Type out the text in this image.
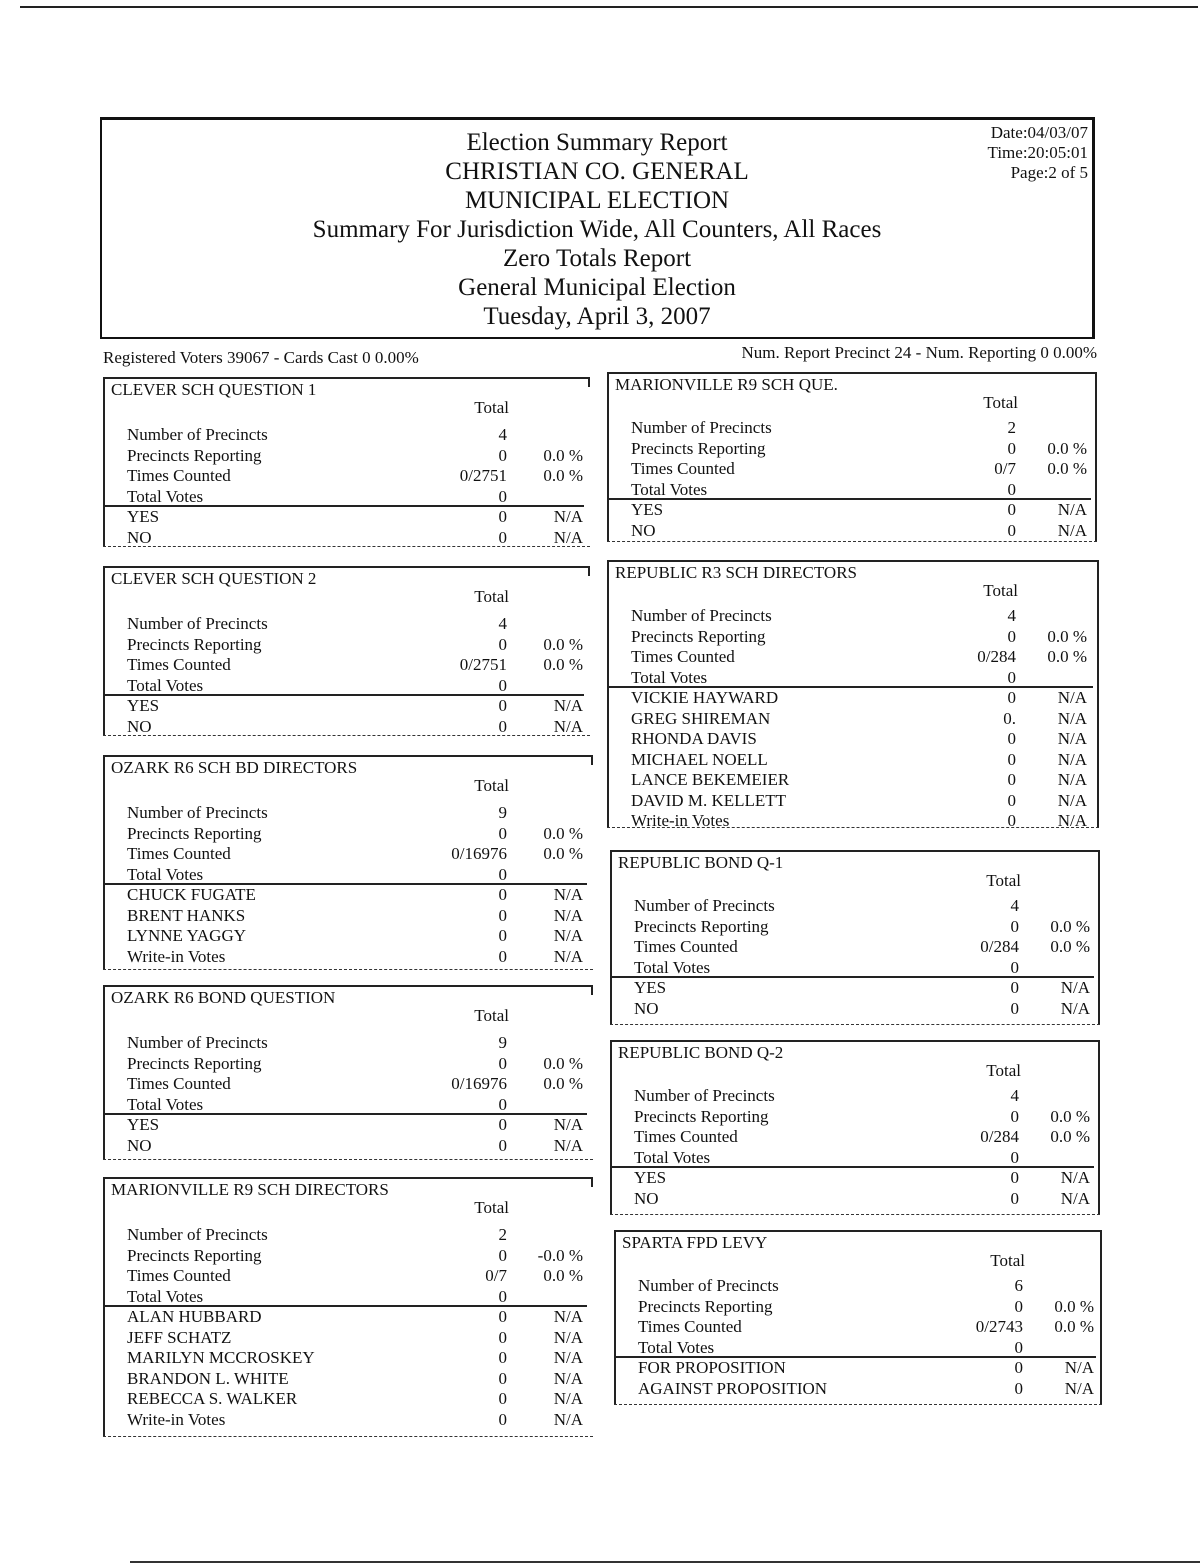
Election Summary Report
CHRISTIAN CO. GENERAL
MUNICIPAL ELECTION
Summary For Jurisdiction Wide, All Counters, All Races
Zero Totals Report
General Municipal Election
Tuesday, April 3, 2007
Date:04/03/07
Time:20:05:01
Page:2 of 5
Registered Voters 39067 - Cards Cast 0 0.00%	Num. Report Precinct 24 - Num. Reporting 0 0.00%
CLEVER SCH QUESTION 1
Total
Number of Precincts	4
Precincts Reporting	0	0.0 %
Times Counted	0/2751	0.0 %
Total Votes	0
YES	0	N/A
NO	0	N/A
CLEVER SCH QUESTION 2
Total
Number of Precincts	4
Precincts Reporting	0	0.0 %
Times Counted	0/2751	0.0 %
Total Votes	0
YES	0	N/A
NO	0	N/A
OZARK R6 SCH BD DIRECTORS
Total
Number of Precincts	9
Precincts Reporting	0	0.0 %
Times Counted	0/16976	0.0 %
Total Votes	0
CHUCK FUGATE	0	N/A
BRENT HANKS	0	N/A
LYNNE YAGGY	0	N/A
Write-in Votes	0	N/A
OZARK R6 BOND QUESTION
Total
Number of Precincts	9
Precincts Reporting	0	0.0 %
Times Counted	0/16976	0.0 %
Total Votes	0
YES	0	N/A
NO	0	N/A
MARIONVILLE R9 SCH DIRECTORS
Total
Number of Precincts	2
Precincts Reporting	0	-0.0 %
Times Counted	0/7	0.0 %
Total Votes	0
ALAN HUBBARD	0	N/A
JEFF SCHATZ	0	N/A
MARILYN MCCROSKEY	0	N/A
BRANDON L. WHITE	0	N/A
REBECCA S. WALKER	0	N/A
Write-in Votes	0	N/A
MARIONVILLE R9 SCH QUE.
Total
Number of Precincts	2
Precincts Reporting	0	0.0 %
Times Counted	0/7	0.0 %
Total Votes	0
YES	0	N/A
NO	0	N/A
REPUBLIC R3 SCH DIRECTORS
Total
Number of Precincts	4
Precincts Reporting	0	0.0 %
Times Counted	0/284	0.0 %
Total Votes	0
VICKIE HAYWARD	0	N/A
GREG SHIREMAN	0.	N/A
RHONDA DAVIS	0	N/A
MICHAEL NOELL	0	N/A
LANCE BEKEMEIER	0	N/A
DAVID M. KELLETT	0	N/A
Write-in Votes	0	N/A
REPUBLIC BOND Q-1
Total
Number of Precincts	4
Precincts Reporting	0	0.0 %
Times Counted	0/284	0.0 %
Total Votes	0
YES	0	N/A
NO	0	N/A
REPUBLIC BOND Q-2
Total
Number of Precincts	4
Precincts Reporting	0	0.0 %
Times Counted	0/284	0.0 %
Total Votes	0
YES	0	N/A
NO	0	N/A
SPARTA FPD LEVY
Total
Number of Precincts	6
Precincts Reporting	0	0.0 %
Times Counted	0/2743	0.0 %
Total Votes	0
FOR PROPOSITION	0	N/A
AGAINST PROPOSITION	0	N/A
